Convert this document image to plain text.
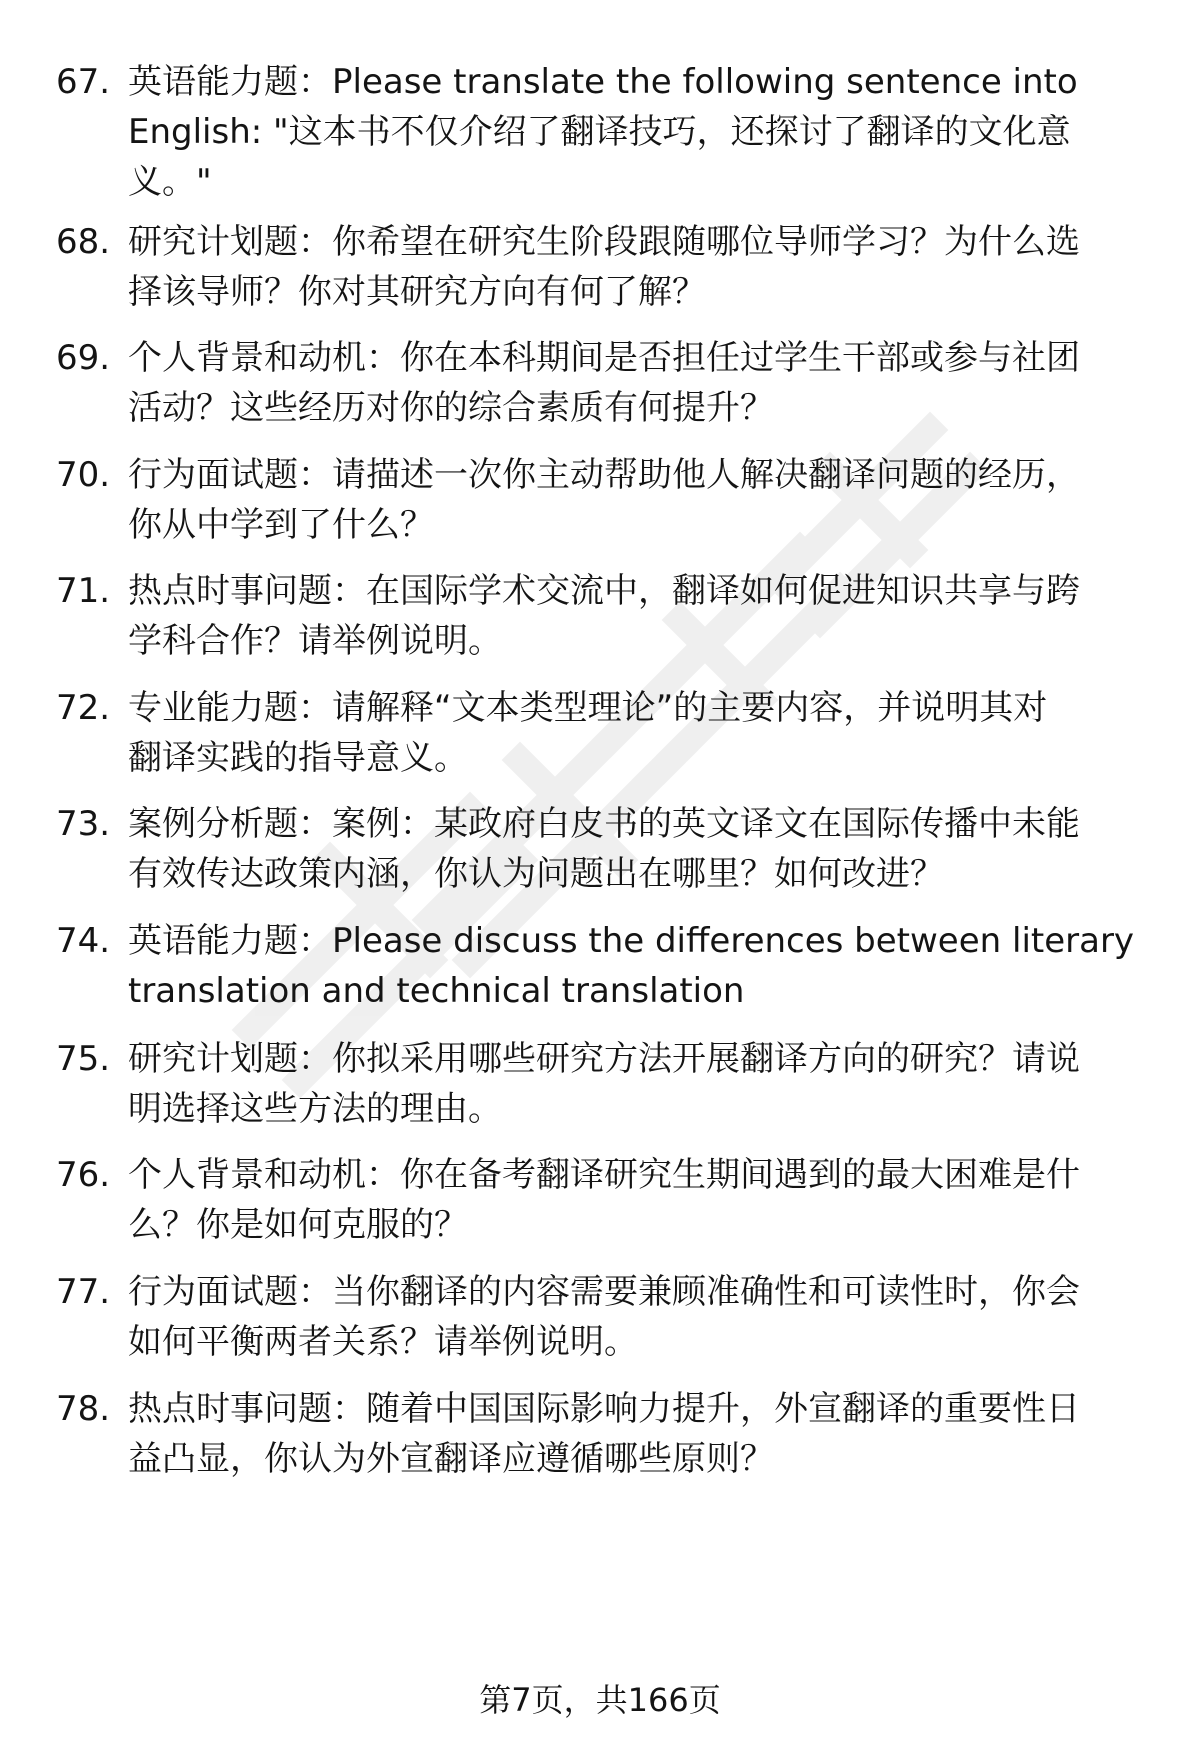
67. 英语能力题：Please translate the following sentence into
English: "这本书不仅介绍了翻译技巧，还探讨了翻译的文化意
义。"
68. 研究计划题：你希望在研究生阶段跟随哪位导师学习？为什么选
择该导师？你对其研究方向有何了解？
69. 个人背景和动机：你在本科期间是否担任过学生干部或参与社团
活动？这些经历对你的综合素质有何提升？
70. 行为面试题：请描述一次你主动帮助他人解决翻译问题的经历，
你从中学到了什么？
71. 热点时事问题：在国际学术交流中，翻译如何促进知识共享与跨
学科合作？请举例说明。
72. 专业能力题：请解释“文本类型理论”的主要内容，并说明其对
翻译实践的指导意义。
73. 案例分析题：案例：某政府白皮书的英文译文在国际传播中未能
有效传达政策内涵，你认为问题出在哪里？如何改进？
74. 英语能力题：Please discuss the differences between literary
translation and technical translation
75. 研究计划题：你拟采用哪些研究方法开展翻译方向的研究？请说
明选择这些方法的理由。
76. 个人背景和动机：你在备考翻译研究生期间遇到的最大困难是什
么？你是如何克服的？
77. 行为面试题：当你翻译的内容需要兼顾准确性和可读性时，你会
如何平衡两者关系？请举例说明。
78. 热点时事问题：随着中国国际影响力提升，外宣翻译的重要性日
益凸显，你认为外宣翻译应遵循哪些原则？
第7页，共166页
